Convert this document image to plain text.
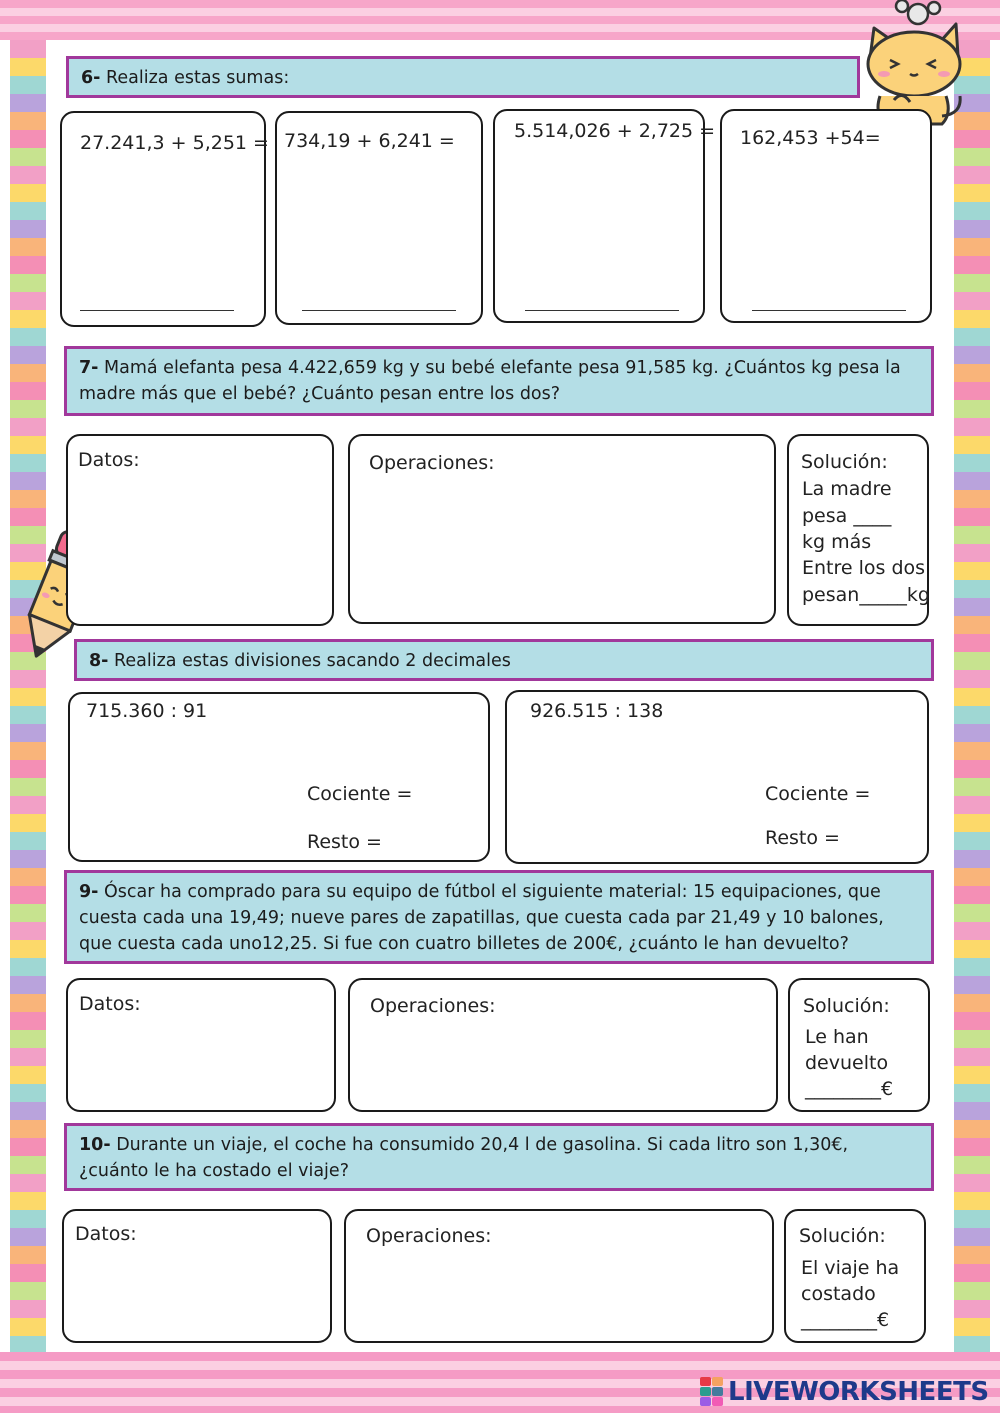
6- Realiza estas sumas:
27.241,3 + 5,251 = 734,19 + 6,241 =	5.514,026 + 2,725 = 162,453 +54=
7- Mamá elefanta pesa 4.422,659 kg y su bebé elefante pesa 91,585 kg. ¿Cuántos kg pesa la madre más que el bebé? ¿Cuánto pesan entre los dos?
Datos:	Operaciones:	Solución:
La madre
pesa ____
kg más
Entre los dos
pesan_____kg
8- Realiza estas divisiones sacando 2 decimales
715.360 : 91
Cociente =
Resto =
926.515 : 138
Cociente =
Resto =
9- Óscar ha comprado para su equipo de fútbol el siguiente material: 15 equipaciones, que cuesta cada una 19,49; nueve pares de zapatillas, que cuesta cada par 21,49 y 10 balones, que cuesta cada uno12,25. Si fue con cuatro billetes de 200€, ¿cuánto le han devuelto?
Datos:	Operaciones:	Solución:
Le han
devuelto
________€
10- Durante un viaje, el coche ha consumido 20,4 l de gasolina. Si cada litro son 1,30€, ¿cuánto le ha costado el viaje?
Datos:	Operaciones:	Solución:
El viaje ha
costado
________€
LIVEWORKSHEETS
